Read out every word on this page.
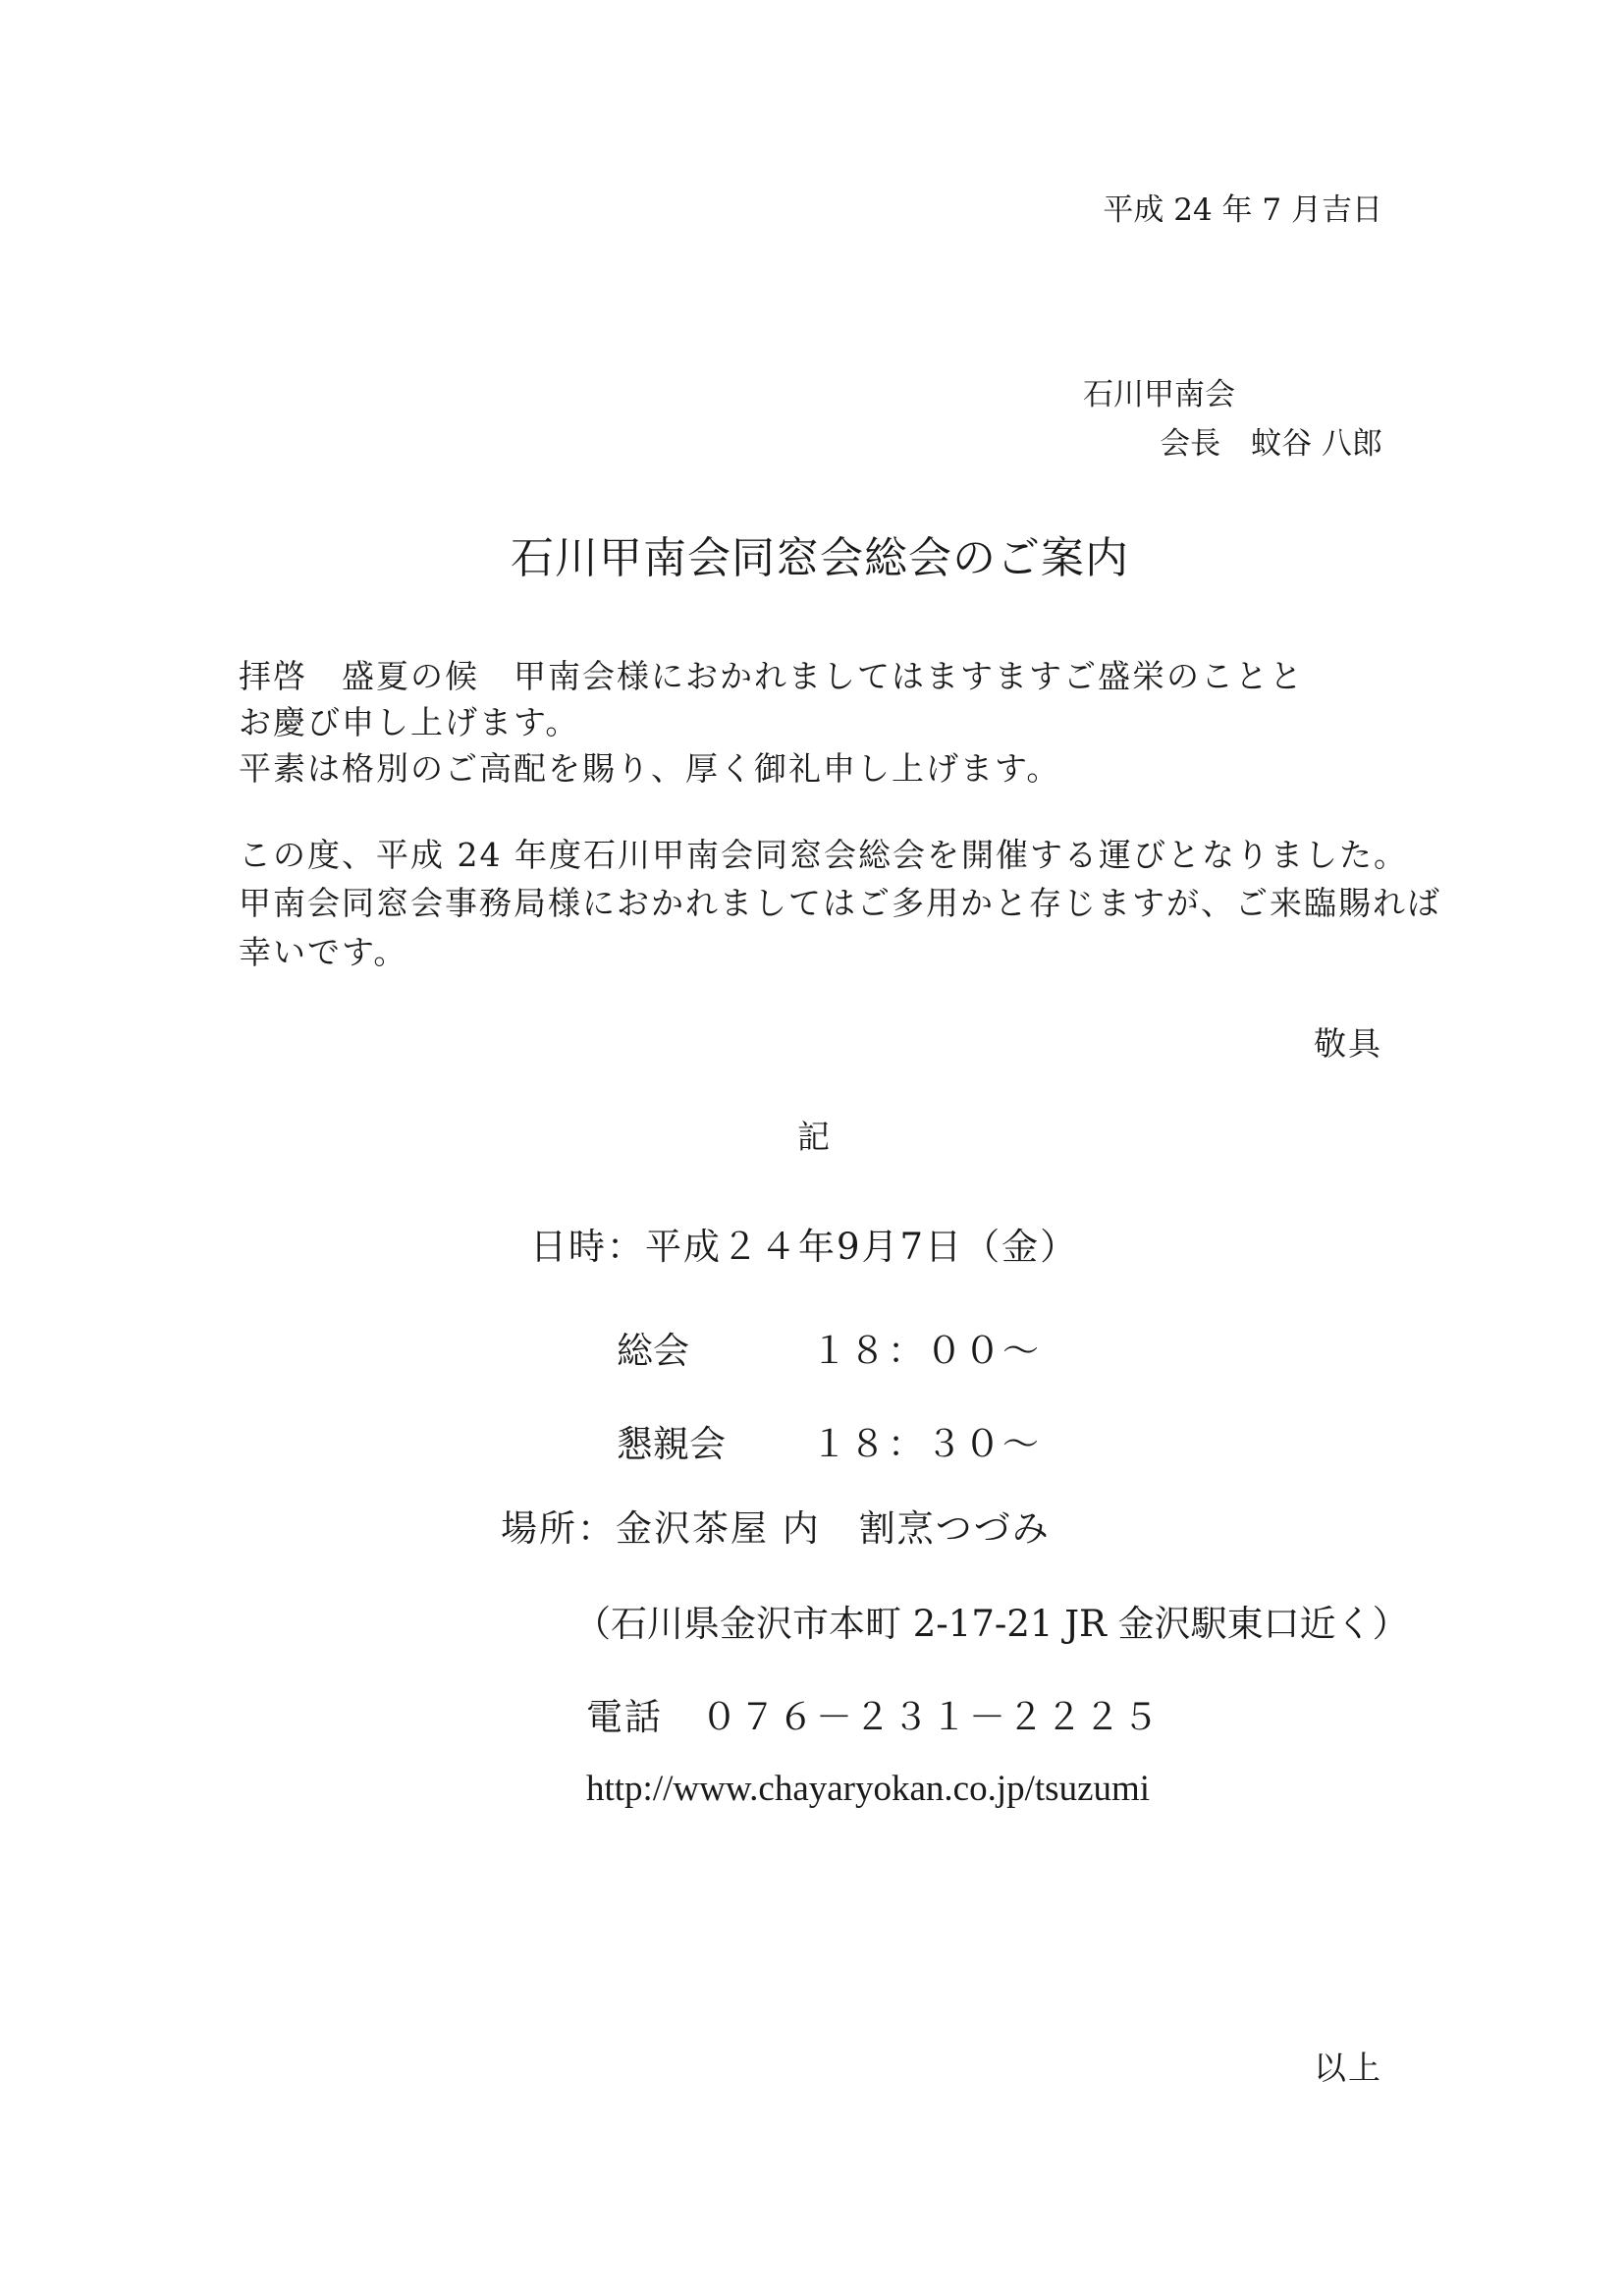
平成 24 年 7 月吉日
石川甲南会
会長　蚊谷 八郎
石川甲南会同窓会総会のご案内
拝啓　盛夏の候　甲南会様におかれましてはますますご盛栄のことと
お慶び申し上げます。
平素は格別のご高配を賜り、厚く御礼申し上げます。
この度、平成 24 年度石川甲南会同窓会総会を開催する運びとなりました。
甲南会同窓会事務局様におかれましてはご多用かと存じますが、ご来臨賜れば
幸いです。
敬具
記
日時：平成２４年9月7日（金）
総会	１８：００～
懇親会 １８：３０～
場所：金沢茶屋 内　割烹つづみ
（石川県金沢市本町 2-17-21 JR 金沢駅東口近く）
電話　０７６－２３１－２２２５
http://www.chayaryokan.co.jp/tsuzumi
以上
